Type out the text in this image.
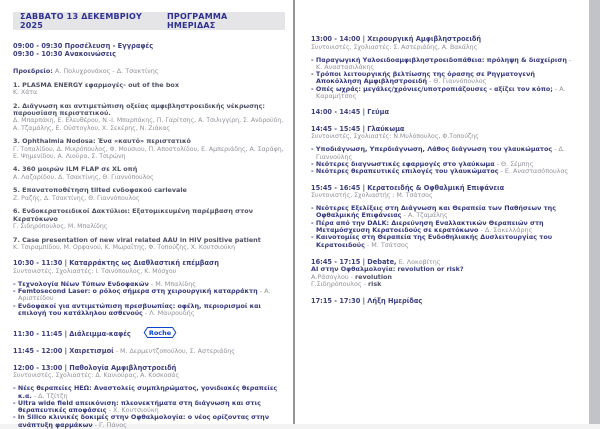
ΣΑΒΒΑΤΟ 13 ΔΕΚΕΜΒΡΙΟΥ 2025
ΠΡΟΓΡΑΜΜΑ ΗΜΕΡΙΔΑΣ
09:00 - 09:30 Προσέλευση - Εγγραφές
09:30 - 10:30 Ανακοινώσεις
Προεδρείο: Α. Πολυχρονάκος - Δ. Τσακτίνης
1. PLASMA ENERGY εφαρμογές- out of the box
Κ. Χάτα
2. Διάγνωση και αντιμετώπιση οξείας αμφιβληστροειδικής νέκρωσης: παρουσίαση περιστατικού.
Δ. Μπαρπάκη, Ε. Ελευθέρου, Ν.-Ι. Μπαρπάκης, Π. Γαρίτσης, Α. Τσιλιγγίρη, Σ. Ανδρούδη, Α. Τζαμάλης, Ε. Ούστογλου, Χ. Σεκέρης, Ν. Ζιάκας
3. Ophthalmia Nodosa: Ένα «καυτό» περιστατικό
Γ. Τοπαλίδου, Δ. Μικρόπουλος, Φ. Μούσιου, Π. Αποστολίδου, Ε. Αμπεριάδης, Α. Σαράφη, Ε. Ψημενίδου, Α. Λιούρα, Σ. Τσιρώνη
4. 360 μοιρών ILM FLAP σε XL οπή
Α. Λαζαρίδου, Δ. Τσακτίνης, Θ. Γιαννόπουλος
5. Επανατοποθέτηση tilted ενδοφακού carlevale
Ζ. Ραζής, Δ. Τσακτίνης, Θ. Γιαννόπουλος
6. Ενδοκερατοειδικοί Δακτύλιοι: Εξατομικευμένη παρέμβαση στον Κερατόκωνο
Γ. Σιδηρόπουλος, Μ. Μπαλίδης
7. Case presentation of new viral related AAU in HIV positive patient
Κ. Τσιραμπίδου, Μ. Ορφανού, Κ. Μωραΐτης, Φ. Τοπούζης, Χ. Κουτσιούκη
10:30 - 11:30 | Καταρράκτης ως Διαθλαστική επέμβαση
Συντονιστές, Σχολιαστές: Ι. Τσινόπουλος, Κ. Μόσχου
- Τεχνολογία Νέων Τύπων Ενδοφακών - Μ. Μπαλίδης
- Femtosecond Laser: ο ρόλος σήμερα στη χειρουργική καταρράκτη - Α. Αριστείδου
- Ενδοφακοί για αντιμετώπιση πρεσβυωπίας: οφέλη, περιορισμοί και επιλογή του κατάλληλου ασθενούς - Λ. Μαυρουδής
11:30 - 11:45 | Διάλειμμα-καφές	Roche
11:45 - 12:00 | Χαιρετισμοί - Μ. Δερμεντζοπούλου, Σ. Αστεριάδης
12:00 - 13:00 | Παθολογία Αμφιβληστροειδή
Συντονιστές, Σχολιαστές: Δ. Κανιούρας, Α. Κοσκοσάς
- Νέες θεραπείες ΗΕΩ: Αναστολείς συμπληρώματος, γονιδιακές θεραπείες κ.α. - Δ. Τζίτζη
- Ultra wide field απεικόνιση: πλεονεκτήματα στη διάγνωση και στις θεραπευτικές αποφάσεις - Χ. Κουτσιούκη
- In Silico κλινικές δοκιμές στην Οφθαλμολογία: ο νέος ορίζοντας στην ανάπτυξη φαρμάκων - Γ. Πάνος
13:00 - 14:00 | Χειρουργική Αμφιβληστροειδή
Συντονιστές, Σχολιαστές: Σ. Αστεριάδης, Α. Βακάλης
- Παραγωγική Υαλοειδοαμφιβληστροειδοπάθεια: πρόληψη & διαχείριση- Κ. Αναστασιλάκης
- Τρόποι λειτουργικής βελτίωσης της όρασης σε Ρηγματογενή Αποκόλληση Αμφιβληστροειδή - Θ. Γιαννόπουλος
- Οπές ωχράς: μεγάλες/χρόνιες/υποτροπιάζουσες - αξίζει τον κόπο; - Α. Καραμήτσος
14:00 - 14:45 | Γεύμα
14:45 - 15:45 | Γλαύκωμα
Συντονιστές, Σχολιαστές: Ν.Μυλόπουλος, Φ.Τοπούζης
- Υποδιάγνωση, Υπερδιάγνωση, Λάθος διάγνωση του γλαυκώματος - Δ. Γιαννούλης
- Νεότερες διαγνωστικές εφαρμογές στο γλαύκωμα - Θ. Σέμπης
- Νεότερες θεραπευτικές επιλογές του γλαυκώματος - Ε. Αναστασόπουλος
15:45 - 16:45 | Κερατοειδής & Οφθαλμική Επιφάνεια
Συντονιστής, Σχολιαστής : Μ. Τσάτσος
- Νεότερες Εξελίξεις στη Διάγνωση και Θεραπεία των Παθήσεων της Οφθαλμικής Επιφάνειας - Α. Τζαμάλης
- Πέρα από την DALK: Διερεύνηση Εναλλακτικών Θεραπειών στη Μεταμόσχευση Κερατοειδούς σε κερατόκωνο - Δ. Σακελλάρης
- Καινοτομίες στη Θεραπεία της Ενδοθηλιακής Δυσλειτουργίας του Κερατοειδούς - Μ. Τσάτσος
16:45 - 17:15 | Debate, Ε. Λοκοβίτης
AI στην Οφθαλμολογία: revolution or risk?
Α.Ράσογλου - revolution
Γ.Σιδηρόπουλος - risk
17:15 - 17:30 | Λήξη Ημερίδας
